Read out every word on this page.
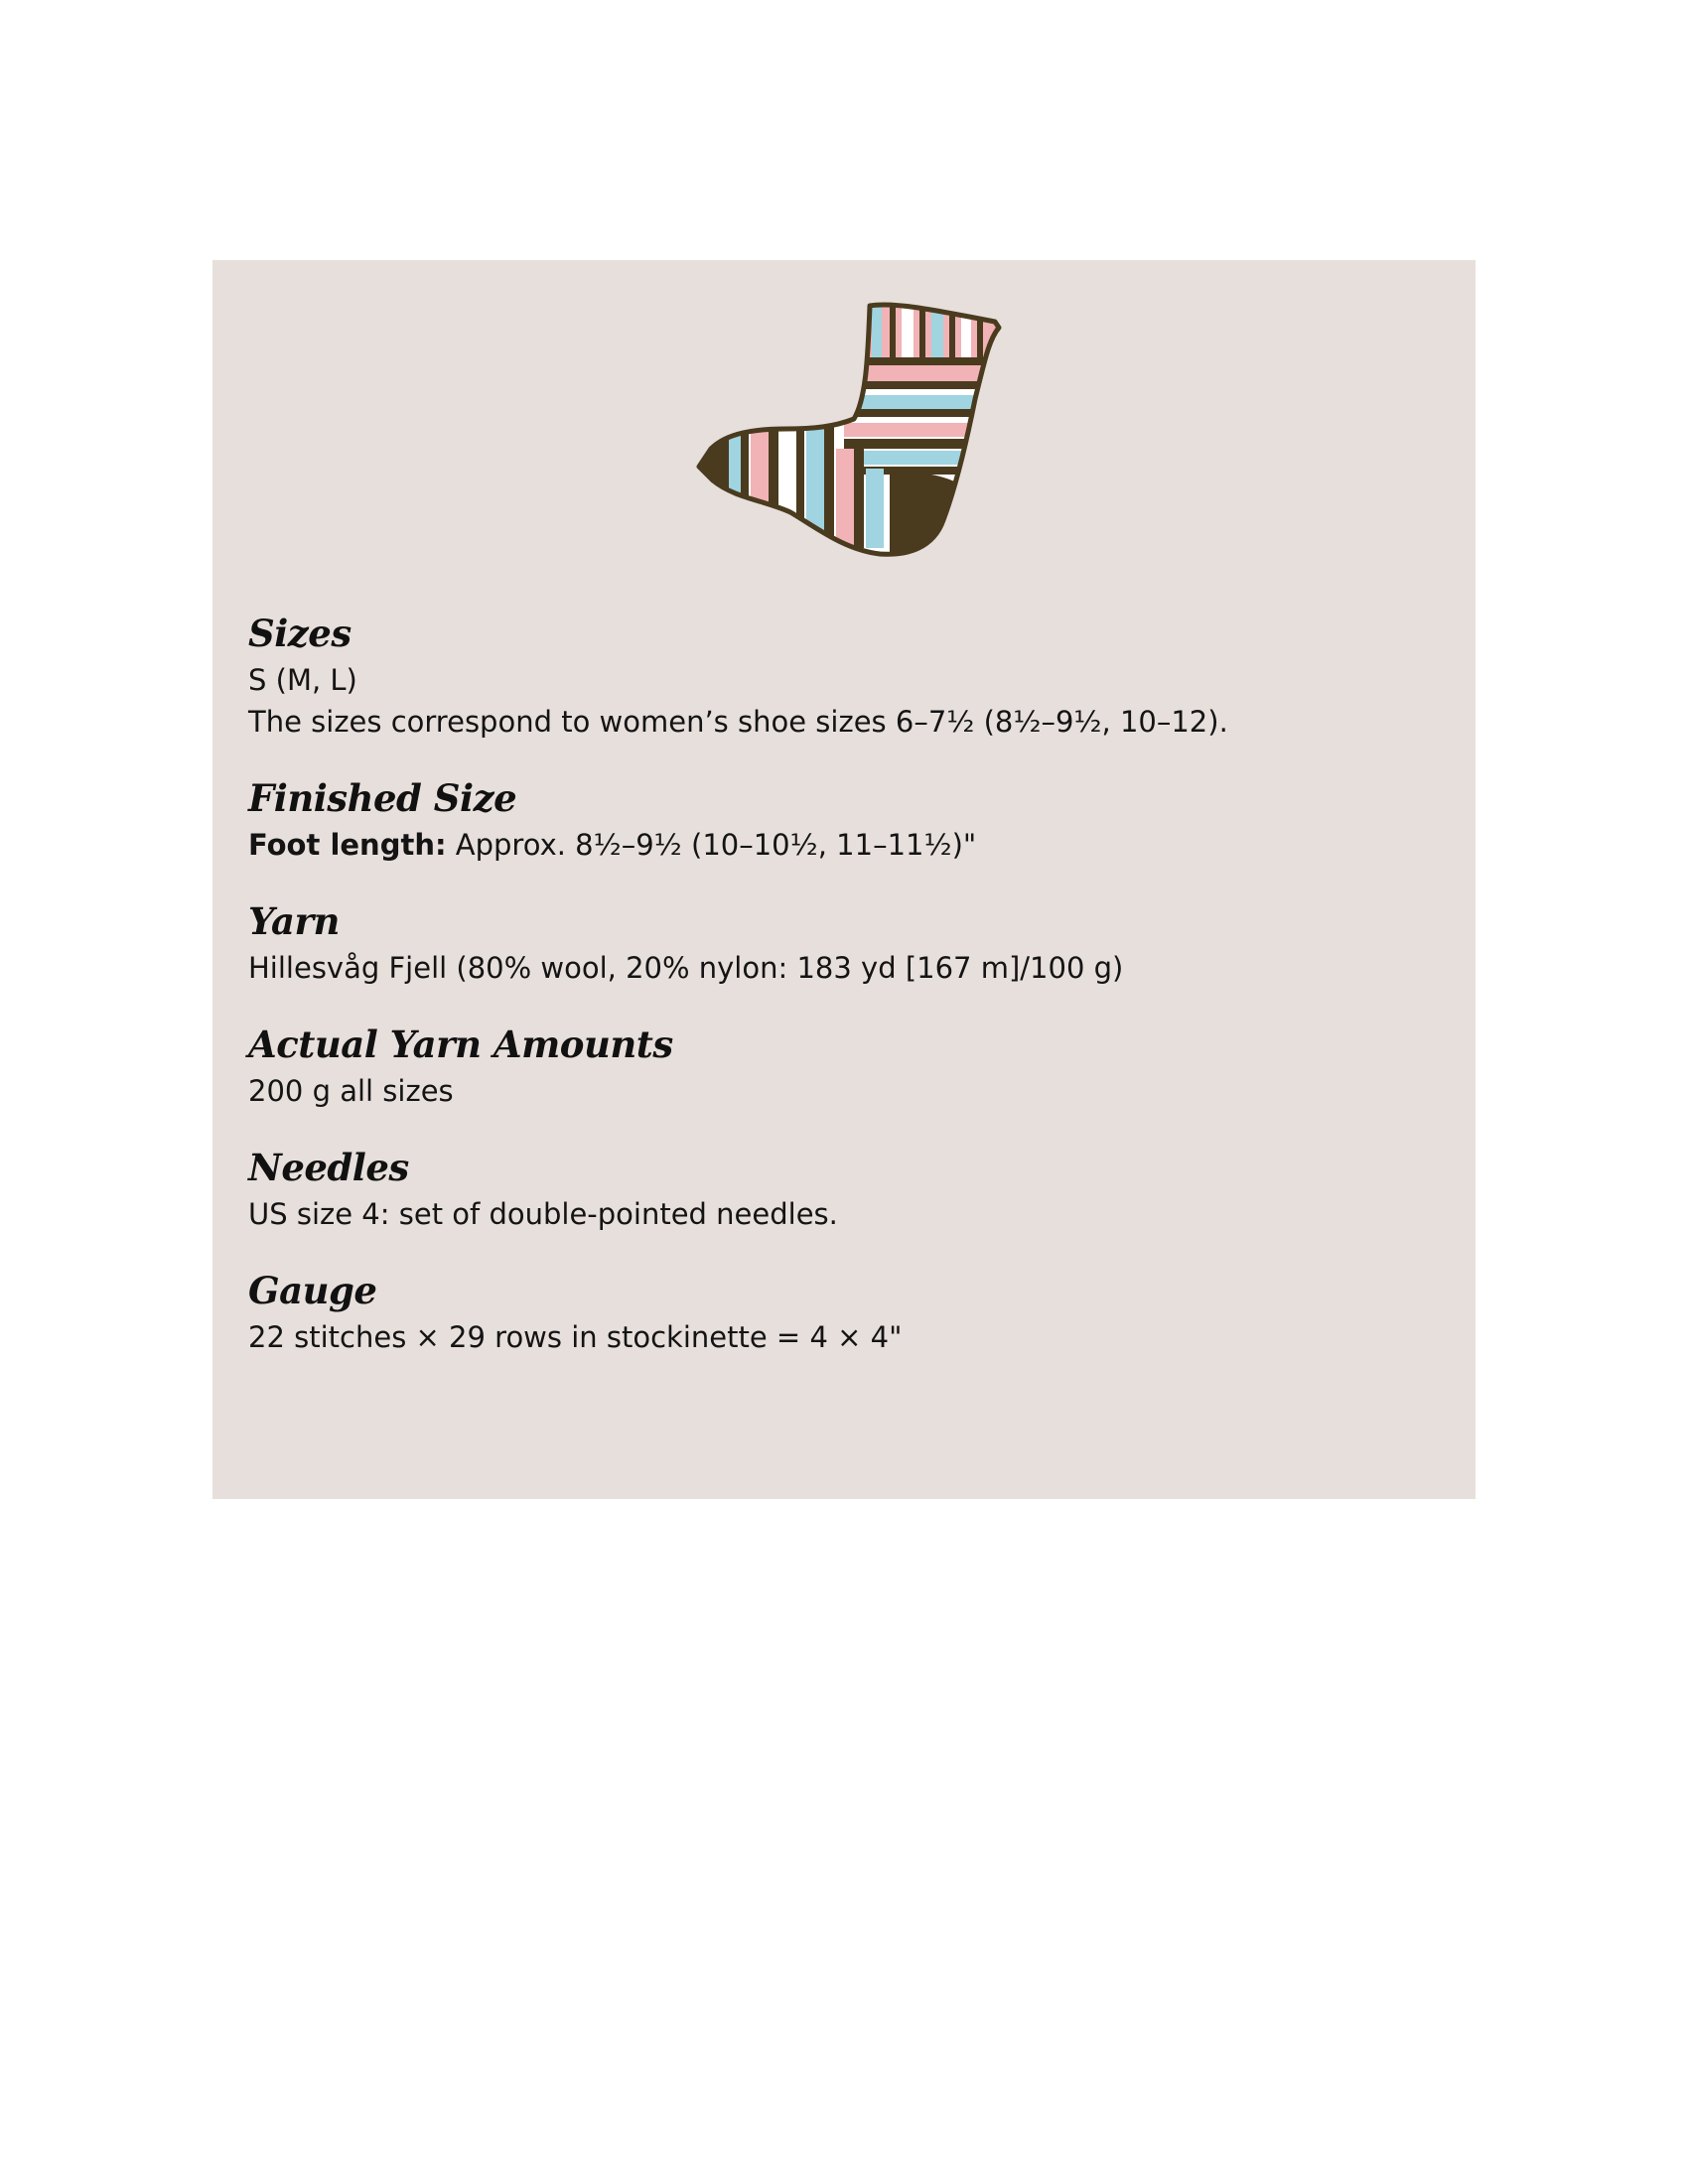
Sizes

S (M, L)

The sizes correspond to women’s shoe sizes 6–7½ (8½–9½, 10–12).

Finished Size

Foot length: Approx. 8½–9½ (10–10½, 11–11½)"

Yarn

Hillesvåg Fjell (80% wool, 20% nylon: 183 yd [167 m]/100 g)

Actual Yarn Amounts

200 g all sizes

Needles

US size 4: set of double-pointed needles.

Gauge

22 stitches × 29 rows in stockinette = 4 × 4"
